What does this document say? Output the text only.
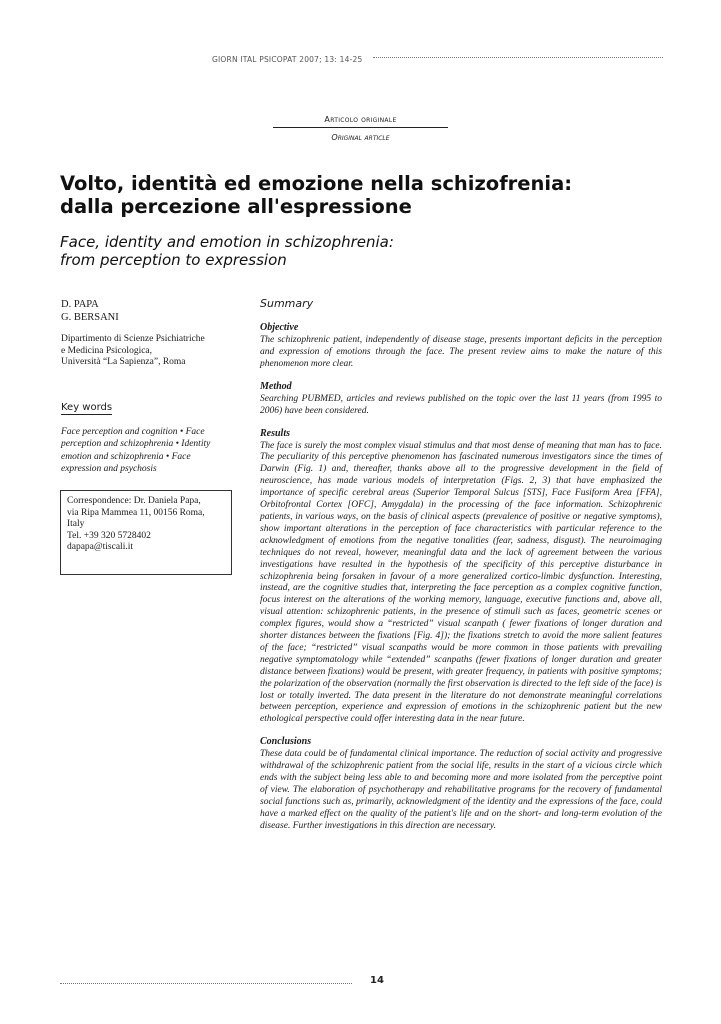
GIORN ITAL PSICOPAT 2007; 13: 14-25
Articolo originale
Original article
Volto, identità ed emozione nella schizofrenia:
dalla percezione all'espressione
Face, identity and emotion in schizophrenia:
from perception to expression
D. PAPA
G. BERSANI
Dipartimento di Scienze Psichiatriche
e Medicina Psicologica,
Università “La Sapienza”, Roma
Key words
Face perception and cognition • Face perception and schizophrenia • Identity emotion and schizophrenia • Face expression and psychosis
Correspondence: Dr. Daniela Papa,
via Ripa Mammea 11, 00156 Roma,
Italy
Tel. +39 320 5728402
dapapa@tiscali.it
Summary
Objective
The schizophrenic patient, independently of disease stage, presents important deficits in the perception and expression of emotions through the face. The present review aims to make the nature of this phenomenon more clear.
Method
Searching PUBMED, articles and reviews published on the topic over the last 11 years (from 1995 to 2006) have been considered.
Results
The face is surely the most complex visual stimulus and that most dense of meaning that man has to face. The peculiarity of this perceptive phenomenon has fascinated numerous investigators since the times of Darwin (Fig. 1) and, thereafter, thanks above all to the progressive development in the field of neuroscience, has made various models of interpretation (Figs. 2, 3) that have emphasized the importance of specific cerebral areas (Superior Temporal Sulcus [STS], Face Fusiform Area [FFA], Orbitofrontal Cortex [OFC], Amygdala) in the processing of the face information. Schizophrenic patients, in various ways, on the basis of clinical aspects (prevalence of positive or negative symptoms), show important alterations in the perception of face characteristics with particular reference to the acknowledgment of emotions from the negative tonalities (fear, sadness, disgust). The neuroimaging techniques do not reveal, however, meaningful data and the lack of agreement between the various investigations have resulted in the hypothesis of the specificity of this perceptive disturbance in schizophrenia being forsaken in favour of a more generalized cortico-limbic dysfunction. Interesting, instead, are the cognitive studies that, interpreting the face perception as a complex cognitive function, focus interest on the alterations of the working memory, language, executive functions and, above all, visual attention: schizophrenic patients, in the presence of stimuli such as faces, geometric scenes or complex figures, would show a “restricted” visual scanpath ( fewer fixations of longer duration and shorter distances between the fixations [Fig. 4]); the fixations stretch to avoid the more salient features of the face; “restricted” visual scanpaths would be more common in those patients with prevailing negative symptomatology while “extended” scanpaths (fewer fixations of longer duration and greater distance between fixations) would be present, with greater frequency, in patients with positive symptoms; the polarization of the observation (normally the first observation is directed to the left side of the face) is lost or totally inverted. The data present in the literature do not demonstrate meaningful correlations between perception, experience and expression of emotions in the schizophrenic patient but the new ethological perspective could offer interesting data in the near future.
Conclusions
These data could be of fundamental clinical importance. The reduction of social activity and progressive withdrawal of the schizophrenic patient from the social life, results in the start of a vicious circle which ends with the subject being less able to and becoming more and more isolated from the perceptive point of view. The elaboration of psychotherapy and rehabilitative programs for the recovery of fundamental social functions such as, primarily, acknowledgment of the identity and the expressions of the face, could have a marked effect on the quality of the patient's life and on the short- and long-term evolution of the disease. Further investigations in this direction are necessary.
14
